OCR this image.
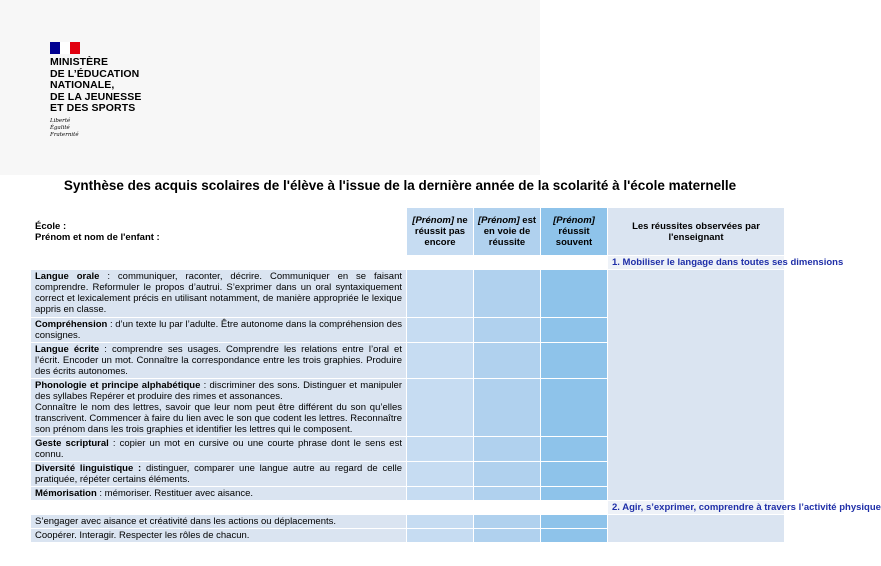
MINISTÈRE
DE L’ÉDUCATION
NATIONALE,
DE LA JEUNESSE
ET DES SPORTS
Liberté
Égalité
Fraternité
Synthèse des acquis scolaires de l'élève à l'issue de la dernière année de la scolarité à l'école maternelle
École :
Prénom et nom de l'enfant :	[Prénom] ne réussit pas encore	[Prénom] est en voie de réussite	[Prénom] réussit souvent	Les réussites observées par l'enseignant
				1. Mobiliser le langage dans toutes ses dimensions
Langue orale : communiquer, raconter, décrire. Communiquer en se faisant comprendre. Reformuler le propos d’autrui. S’exprimer dans un oral syntaxiquement correct et lexicalement précis en utilisant notamment, de manière appropriée le lexique appris en classe.				
Compréhension : d’un texte lu par l’adulte. Être autonome dans la compréhension des consignes.				
Langue écrite : comprendre ses usages. Comprendre les relations entre l’oral et l’écrit. Encoder un mot. Connaître la correspondance entre les trois graphies. Produire des écrits autonomes.				
Phonologie et principe alphabétique : discriminer des sons. Distinguer et manipuler des syllabes Repérer et produire des rimes et assonances.
Connaître le nom des lettres, savoir que leur nom peut être différent du son qu’elles transcrivent. Commencer à faire du lien avec le son que codent les lettres. Reconnaître son prénom dans les trois graphies et identifier les lettres qui le composent.				
Geste scriptural : copier un mot en cursive ou une courte phrase dont le sens est connu.				
Diversité linguistique : distinguer, comparer une langue autre au regard de celle pratiquée, répéter certains éléments.				
Mémorisation : mémoriser. Restituer avec aisance.				
				2. Agir, s’exprimer, comprendre à travers l’activité physique
S’engager avec aisance et créativité dans les actions ou déplacements.				
Coopérer. Interagir. Respecter les rôles de chacun.				
